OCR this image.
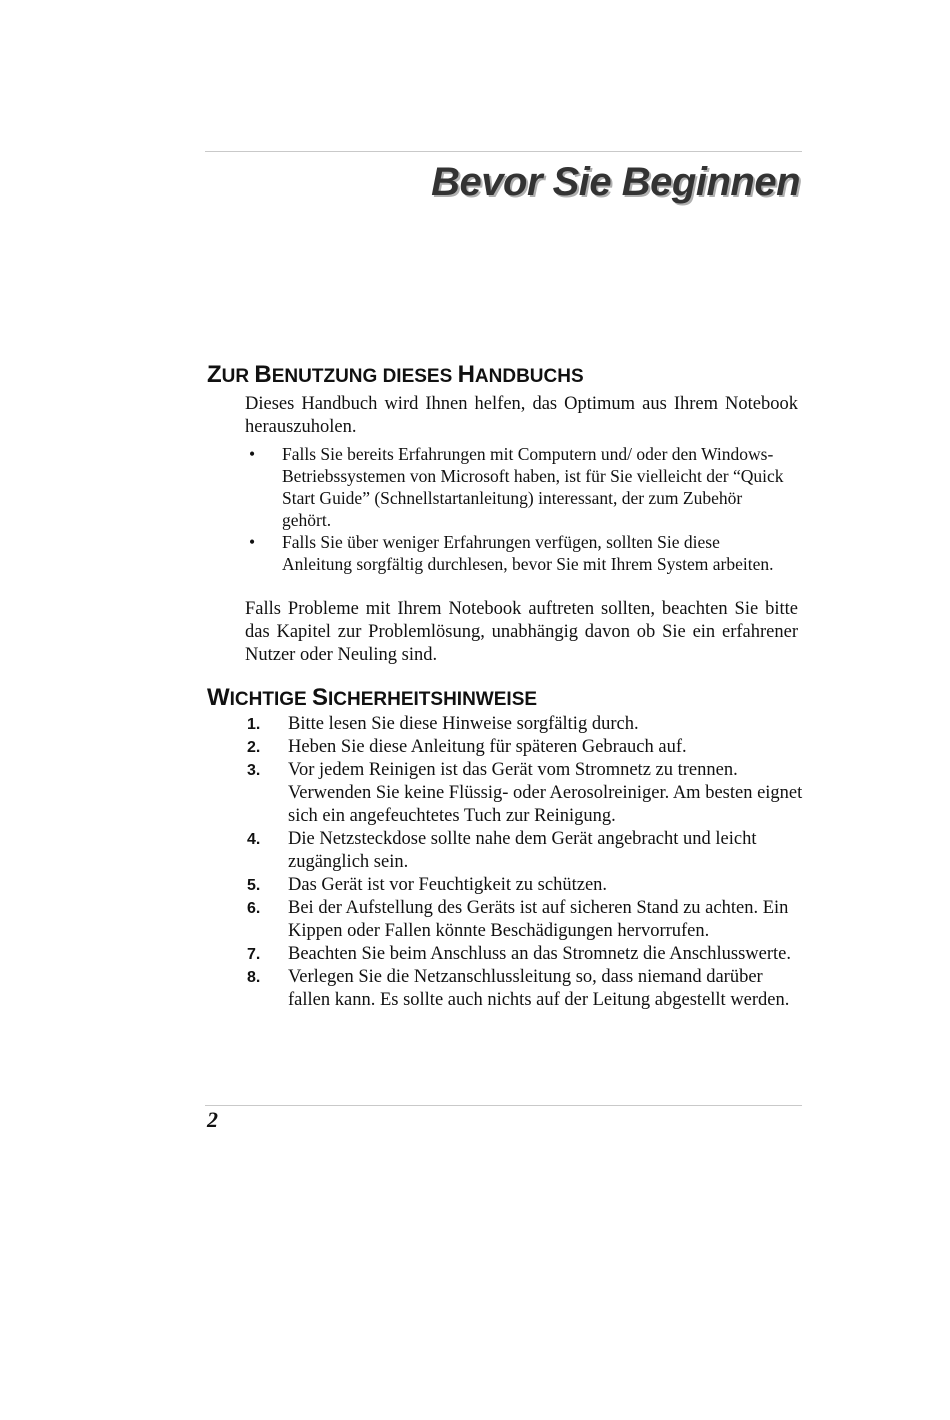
Bevor Sie Beginnen
ZUR BENUTZUNG DIESES HANDBUCHS

Dieses Handbuch wird Ihnen helfen, das Optimum aus Ihrem Notebook herauszuholen.

• Falls Sie bereits Erfahrungen mit Computern und/ oder den Windows-Betriebssystemen von Microsoft haben, ist für Sie vielleicht der “Quick Start Guide” (Schnellstartanleitung) interessant, der zum Zubehör gehört.
• Falls Sie über weniger Erfahrungen verfügen, sollten Sie diese Anleitung sorgfältig durchlesen, bevor Sie mit Ihrem System arbeiten.

Falls Probleme mit Ihrem Notebook auftreten sollten, beachten Sie bitte das Kapitel zur Problemlösung, unabhängig davon ob Sie ein erfahrener Nutzer oder Neuling sind.

WICHTIGE SICHERHEITSHINWEISE
1. Bitte lesen Sie diese Hinweise sorgfältig durch.
2. Heben Sie diese Anleitung für späteren Gebrauch auf.
3. Vor jedem Reinigen ist das Gerät vom Stromnetz zu trennen. Verwenden Sie keine Flüssig- oder Aerosolreiniger. Am besten eignet sich ein angefeuchtetes Tuch zur Reinigung.
4. Die Netzsteckdose sollte nahe dem Gerät angebracht und leicht zugänglich sein.
5. Das Gerät ist vor Feuchtigkeit zu schützen.
6. Bei der Aufstellung des Geräts ist auf sicheren Stand zu achten. Ein Kippen oder Fallen könnte Beschädigungen hervorrufen.
7. Beachten Sie beim Anschluss an das Stromnetz die Anschlusswerte.
8. Verlegen Sie die Netzanschlussleitung so, dass niemand darüber fallen kann. Es sollte auch nichts auf der Leitung abgestellt werden.
2
